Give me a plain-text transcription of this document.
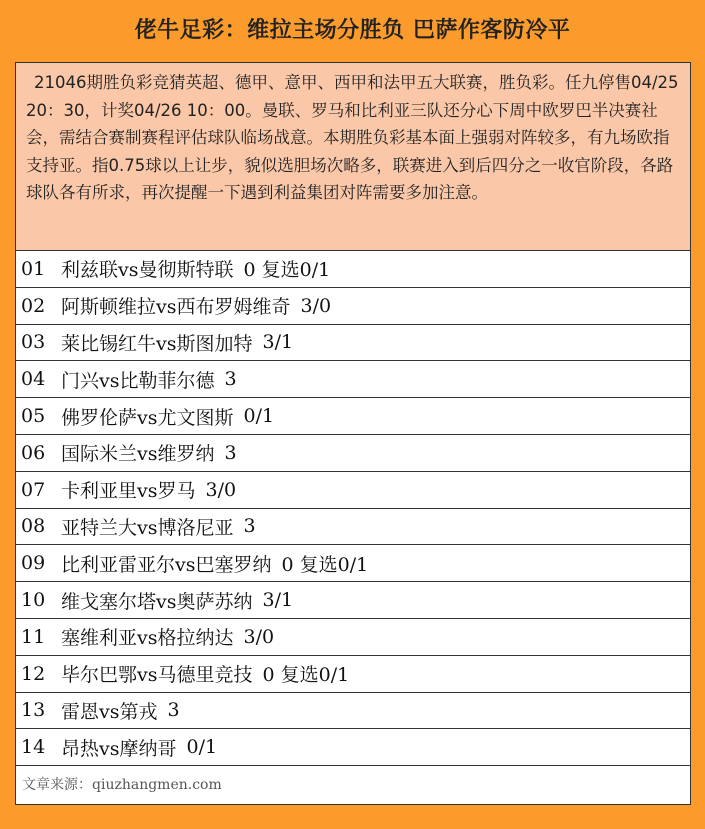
佬牛足彩：维拉主场分胜负 巴萨作客防冷平
21046期胜负彩竞猜英超、德甲、意甲、西甲和法甲五大联赛，胜负彩。任九停售04/25 20：30，计奖04/26 10：00。曼联、罗马和比利亚三队还分心下周中欧罗巴半决赛社会，需结合赛制赛程评估球队临场战意。本期胜负彩基本面上强弱对阵较多，有九场欧指支持亚。指0.75球以上让步，貌似选胆场次略多，联赛进入到后四分之一收官阶段，各路球队各有所求，再次提醒一下遇到利益集团对阵需要多加注意。
01 利兹联vs曼彻斯特联 0 复选0/1
02 阿斯顿维拉vs西布罗姆维奇 3/0
03 莱比锡红牛vs斯图加特 3/1
04 门兴vs比勒菲尔德 3
05 佛罗伦萨vs尤文图斯 0/1
06 国际米兰vs维罗纳 3
07 卡利亚里vs罗马 3/0
08 亚特兰大vs博洛尼亚 3
09 比利亚雷亚尔vs巴塞罗纳 0 复选0/1
10 维戈塞尔塔vs奥萨苏纳 3/1
11 塞维利亚vs格拉纳达 3/0
12 毕尔巴鄂vs马德里竞技 0 复选0/1
13 雷恩vs第戎 3
14 昂热vs摩纳哥 0/1
文章来源：qiuzhangmen.com
